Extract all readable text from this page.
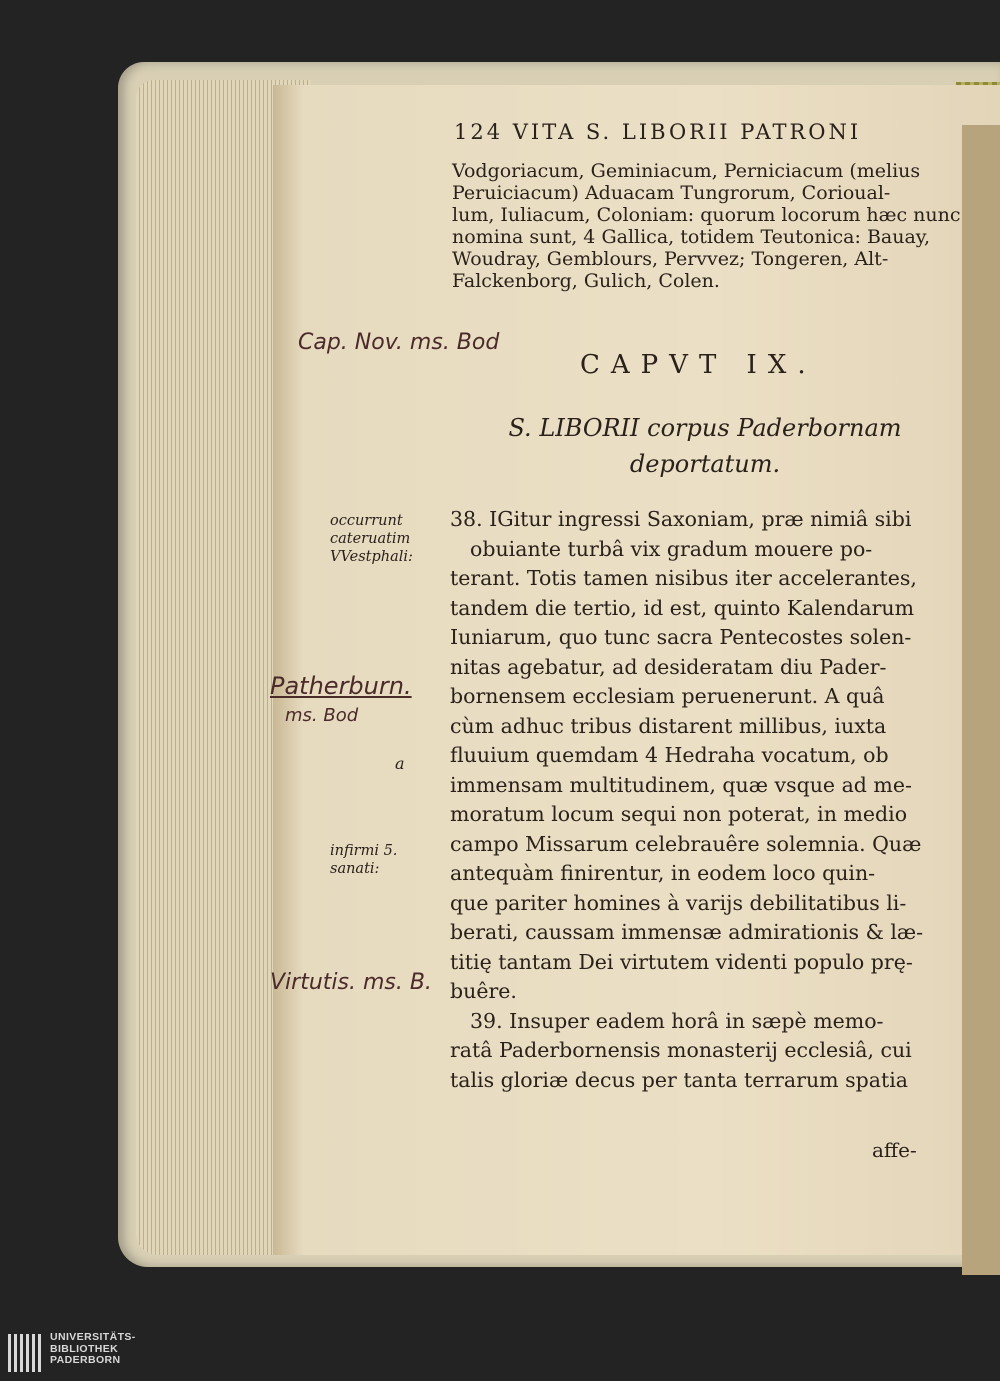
124 VITA S. LIBORII PATRONI
Vodgoriacum, Geminiacum, Perniciacum (melius
Peruiciacum) Aduacam Tungrorum, Corioual-
lum, Iuliacum, Coloniam: quorum locorum hæc nunc
nomina sunt, 4 Gallica, totidem Teutonica: Bauay,
Woudray, Gemblours, Pervvez; Tongeren, Alt-
Falckenborg, Gulich, Colen.
CAPVT IX.
S. LIBORII corpus Paderbornam
deportatum.
38. IGitur ingressi Saxoniam, præ nimiâ sibi
obuiante turbâ vix gradum mouere po-
terant. Totis tamen nisibus iter accelerantes,
tandem die tertio, id est, quinto Kalendarum
Iuniarum, quo tunc sacra Pentecostes solen-
nitas agebatur, ad desideratam diu Pader-
bornensem ecclesiam peruenerunt. A quâ
cùm adhuc tribus distarent millibus, iuxta
fluuium quemdam 4 Hedraha vocatum, ob
immensam multitudinem, quæ vsque ad me-
moratum locum sequi non poterat, in medio
campo Missarum celebrauêre solemnia. Quæ
antequàm finirentur, in eodem loco quin-
que pariter homines à varijs debilitatibus li-
berati, caussam immensæ admirationis & læ-
titię tantam Dei virtutem videnti populo prę-
buêre.
39. Insuper eadem horâ in sæpè memo-
ratâ Paderbornensis monasterij ecclesiâ, cui
talis gloriæ decus per tanta terrarum spatia
affe-
occurrunt
cateruatim
VVestphali:
a
infirmi 5.
sanati:
Cap. Nov. ms. Bod
Patherburn.
ms. Bod
Virtutis. ms. B.
UNIVERSITÄTS-
BIBLIOTHEK
PADERBORN
